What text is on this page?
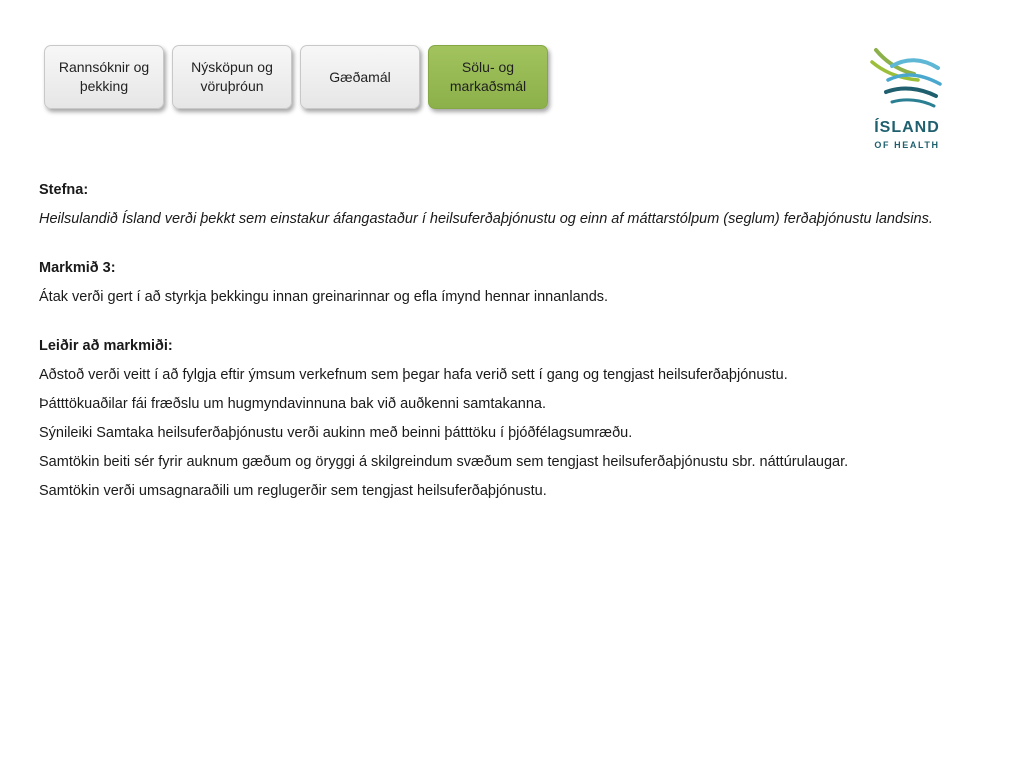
Rannsóknir og
þekking
Nýsköpun og
vöruþróun
Gæðamál
Sölu- og
markaðsmál
ÍSLAND
OF HEALTH

Stefna:

Heilsulandið Ísland verði þekkt sem einstakur áfangastaður í heilsuferðaþjónustu og einn af máttarstólpum (seglum) ferðaþjónustu landsins.

Markmið 3:

Átak verði gert í að styrkja þekkingu innan greinarinnar og efla ímynd hennar innanlands.

Leiðir að markmiði:

Aðstoð verði veitt í að fylgja eftir ýmsum verkefnum sem þegar hafa verið sett í gang og tengjast heilsuferðaþjónustu.

Þátttökuaðilar fái fræðslu um hugmyndavinnuna bak við auðkenni samtakanna.

Sýnileiki Samtaka heilsuferðaþjónustu verði aukinn með beinni þátttöku í þjóðfélagsumræðu.

Samtökin beiti sér fyrir auknum gæðum og öryggi á skilgreindum svæðum sem tengjast heilsuferðaþjónustu sbr. náttúrulaugar.

Samtökin verði umsagnaraðili um reglugerðir sem tengjast heilsuferðaþjónustu.
